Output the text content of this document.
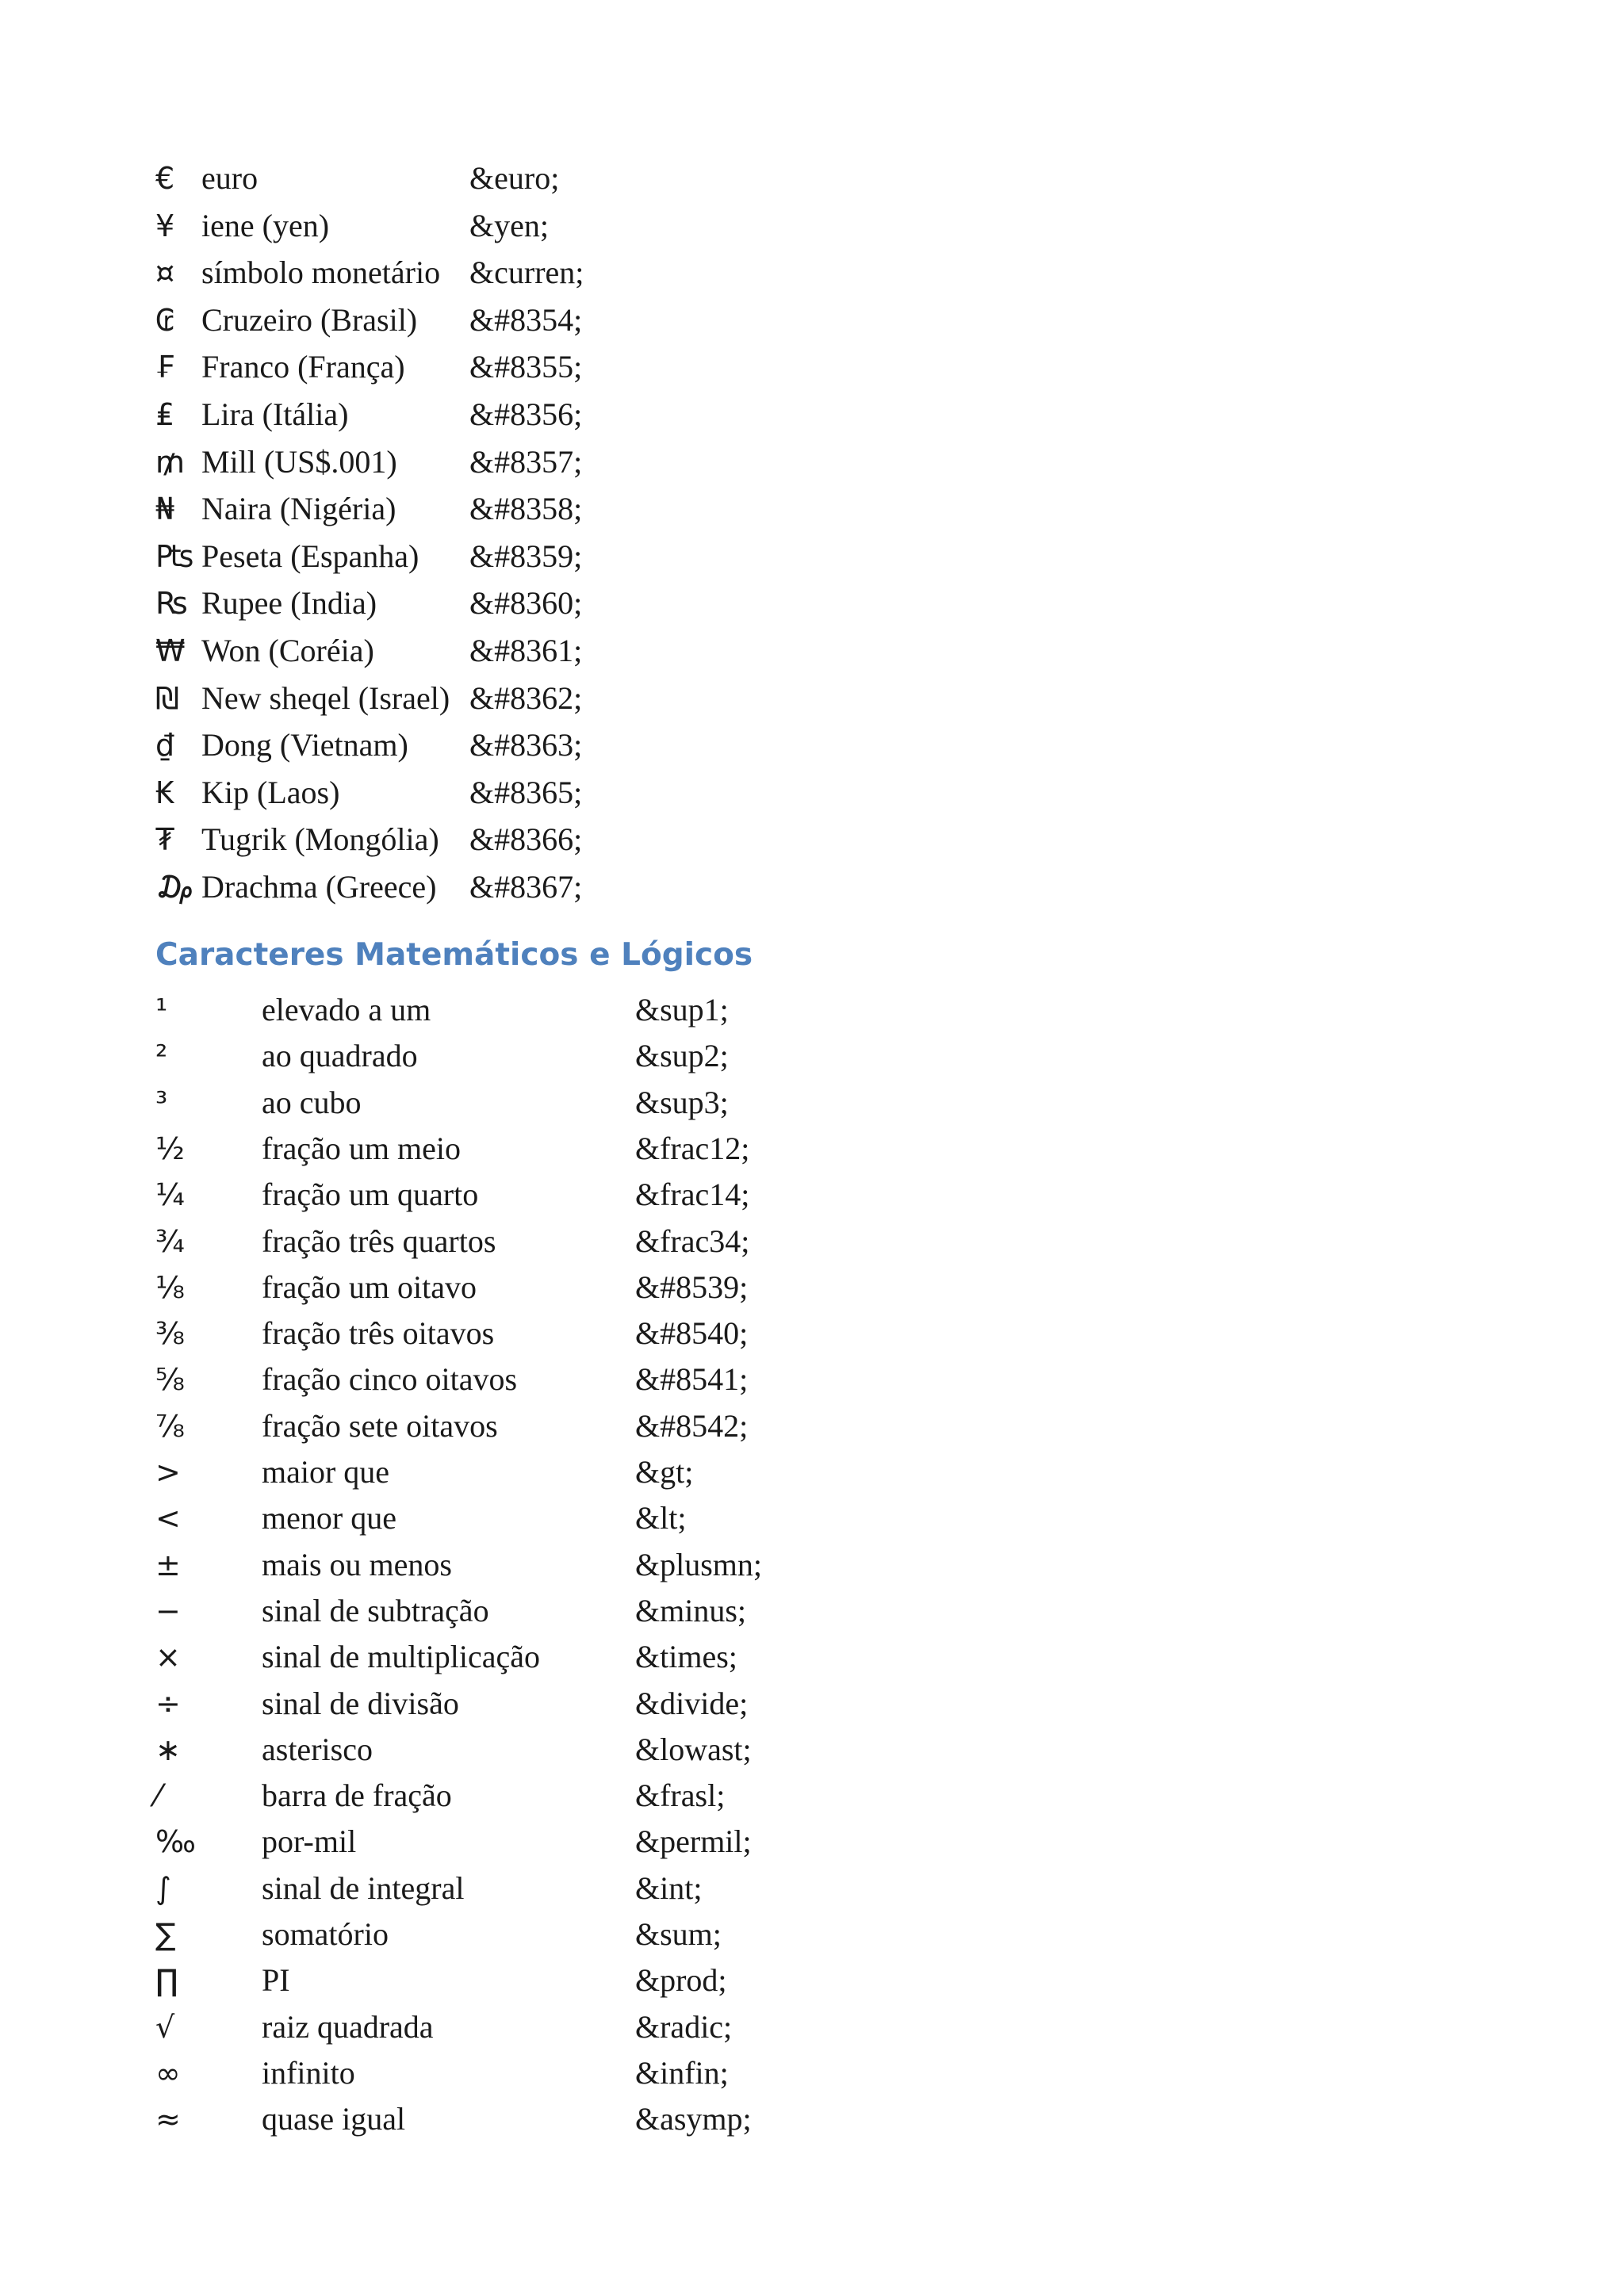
€ euro	&euro;
¥ iene (yen)	&yen;
¤ símbolo monetário &curren;
₢ Cruzeiro (Brasil) &#8354;
₣ Franco (França) &#8355;
₤ Lira (Itália)	&#8356;
₥ Mill (US$.001) &#8357;
₦ Naira (Nigéria) &#8358;
₧ Peseta (Espanha) &#8359;
₨ Rupee (India)	&#8360;
₩ Won (Coréia)	&#8361;
₪ New sheqel (Israel) &#8362;
₫ Dong (Vietnam) &#8363;
₭ Kip (Laos)	&#8365;
₮ Tugrik (Mongólia) &#8366;
₯ Drachma (Greece) &#8367;
Caracteres Matemáticos e Lógicos
¹	elevado a um	&sup1;
²	ao quadrado	&sup2;
³	ao cubo	&sup3;
½ fração um meio	&frac12;
¼ fração um quarto	&frac14;
¾ fração três quartos	&frac34;
⅛ fração um oitavo	&#8539;
⅜ fração três oitavos	&#8540;
⅝ fração cinco oitavos	&#8541;
⅞ fração sete oitavos	&#8542;
>	maior que	&gt;
<	menor que	&lt;
±	mais ou menos	&plusmn;
−	sinal de subtração	&minus;
×	sinal de multiplicação	&times;
÷	sinal de divisão	&divide;
∗	asterisco	&lowast;
⁄	barra de fração	&frasl;
‰ por-mil	&permil;
∫	sinal de integral	&int;
∑	somatório	&sum;
∏	PI	&prod;
√	raiz quadrada	&radic;
∞	infinito	&infin;
≈	quase igual	&asymp;
